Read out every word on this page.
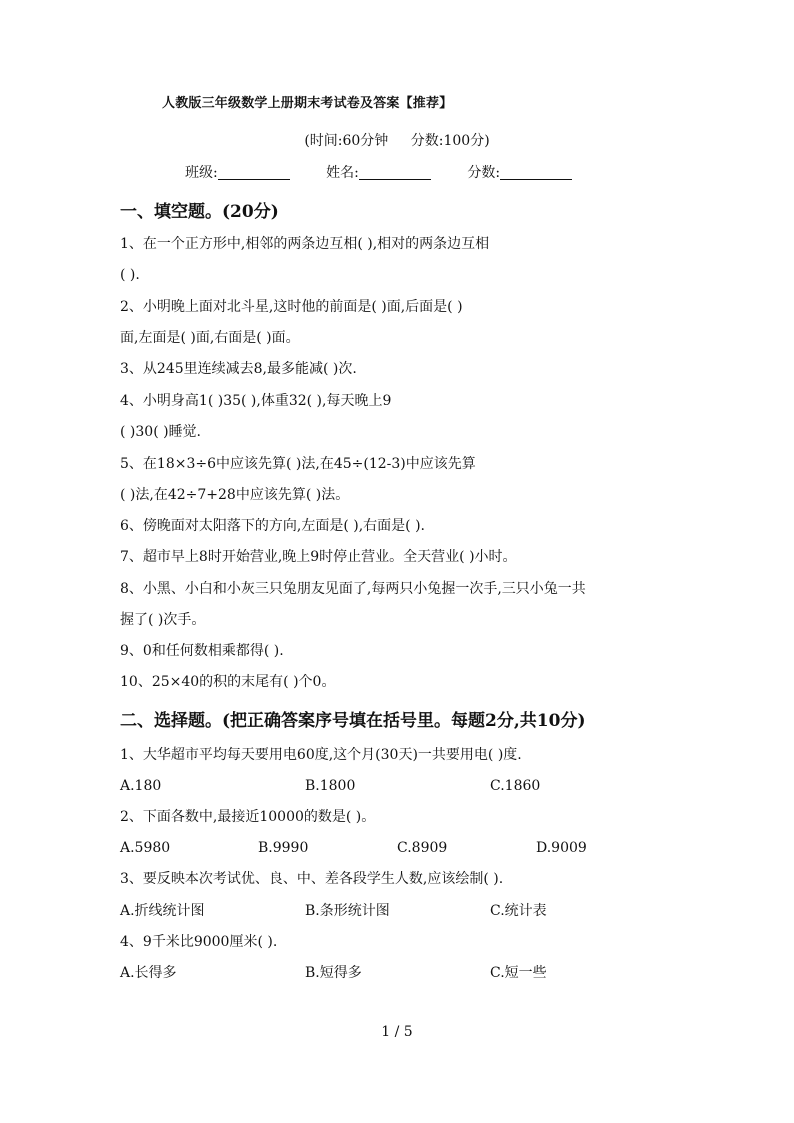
人教版三年级数学上册期末考试卷及答案【推荐】
(时间:60分钟 分数:100分)
班级:	姓名:	分数:
一、填空题。(20分)
1、在一个正方形中,相邻的两条边互相( ),相对的两条边互相
( ).
2、小明晚上面对北斗星,这时他的前面是( )面,后面是( )
面,左面是( )面,右面是( )面。
3、从245里连续减去8,最多能减( )次.
4、小明身高1( )35( ),体重32( ),每天晚上9
( )30( )睡觉.
5、在18×3÷6中应该先算( )法,在45÷(12-3)中应该先算
( )法,在42÷7+28中应该先算( )法。
6、傍晚面对太阳落下的方向,左面是( ),右面是( ).
7、超市早上8时开始营业,晚上9时停止营业。全天营业( )小时。
8、小黑、小白和小灰三只兔朋友见面了,每两只小兔握一次手,三只小兔一共
握了( )次手。
9、0和任何数相乘都得( ).
10、25×40的积的末尾有( )个0。
二、选择题。(把正确答案序号填在括号里。每题2分,共10分)
1、大华超市平均每天要用电60度,这个月(30天)一共要用电( )度.
A.180	B.1800	C.1860
2、下面各数中,最接近10000的数是( )。
A.5980	B.9990	C.8909	D.9009
3、要反映本次考试优、良、中、差各段学生人数,应该绘制( ).
A.折线统计图	B.条形统计图	C.统计表
4、9千米比9000厘米( ).
A.长得多	B.短得多	C.短一些
1 / 5
